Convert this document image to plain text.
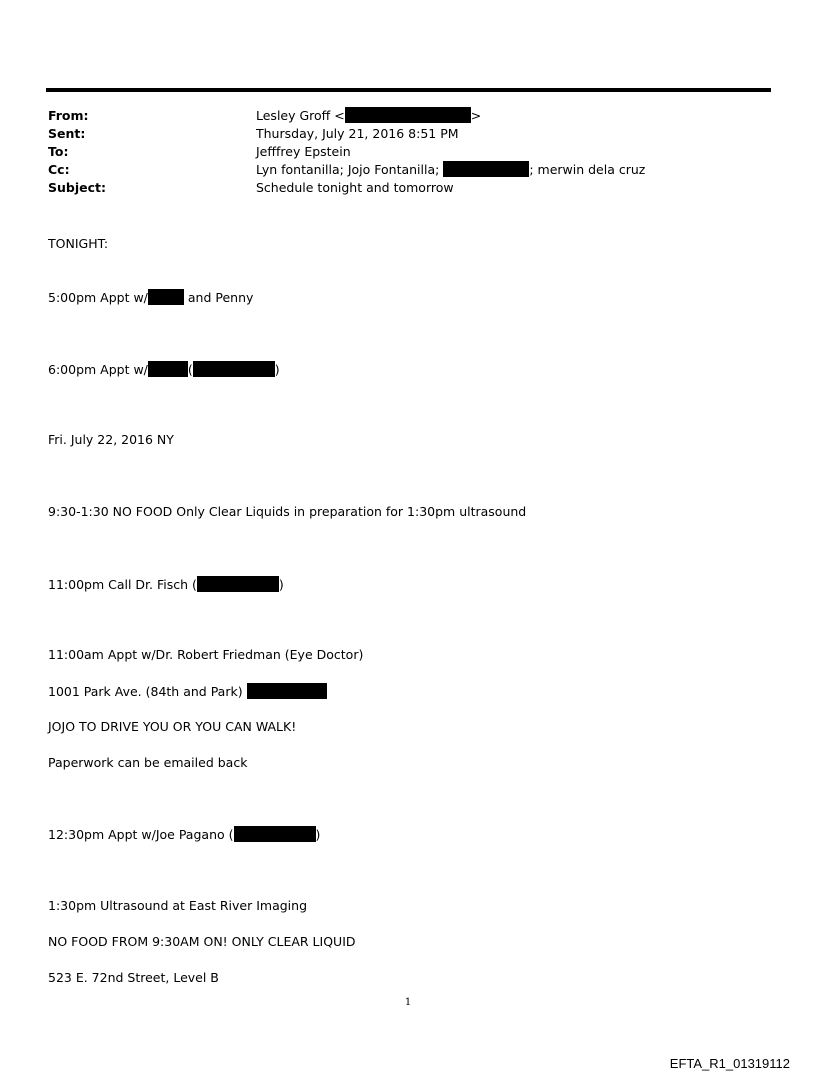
From:	Lesley Groff <	>
Sent:	Thursday, July 21, 2016 8:51 PM
To:	Jefffrey Epstein
Cc:	Lyn fontanilla; Jojo Fontanilla;	; merwin dela cruz
Subject:	Schedule tonight and tomorrow
TONIGHT:
5:00pm Appt w/	and Penny
6:00pm Appt w/	(	)
Fri. July 22, 2016 NY
9:30-1:30 NO FOOD Only Clear Liquids in preparation for 1:30pm ultrasound
11:00pm Call Dr. Fisch (	)
11:00am Appt w/Dr. Robert Friedman (Eye Doctor)
1001 Park Ave. (84th and Park)
JOJO TO DRIVE YOU OR YOU CAN WALK!
Paperwork can be emailed back
12:30pm Appt w/Joe Pagano (	)
1:30pm Ultrasound at East River Imaging
NO FOOD FROM 9:30AM ON! ONLY CLEAR LIQUID
523 E. 72nd Street, Level B
1
EFTA_R1_01319112
